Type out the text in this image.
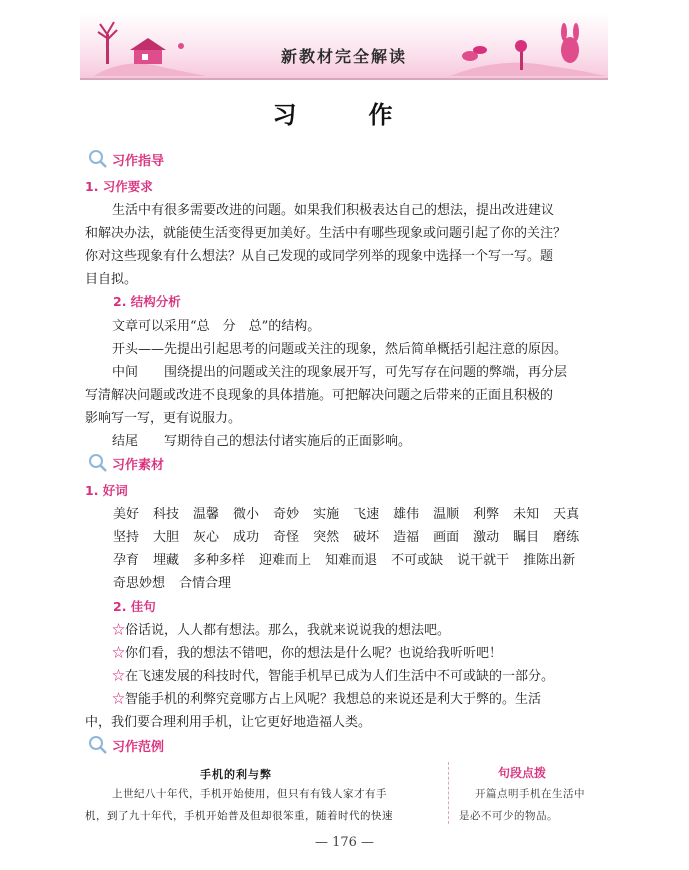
新教材完全解读
习　作
习作指导
1. 习作要求
生活中有很多需要改进的问题。如果我们积极表达自己的想法，提出改进建议
和解决办法，就能使生活变得更加美好。生活中有哪些现象或问题引起了你的关注？
你对这些现象有什么想法？从自己发现的或同学列举的现象中选择一个写一写。题
目自拟。
2. 结构分析
文章可以采用“总　分　总”的结构。
开头——先提出引起思考的问题或关注的现象，然后简单概括引起注意的原因。
中间　　围绕提出的问题或关注的现象展开写，可先写存在问题的弊端，再分层
写清解决问题或改进不良现象的具体措施。可把解决问题之后带来的正面且积极的
影响写一写，更有说服力。
结尾　　写期待自己的想法付诸实施后的正面影响。
习作素材
1. 好词
美好 科技 温馨 微小 奇妙 实施 飞速 雄伟 温顺 利弊 未知 天真
坚持 大胆 灰心 成功 奇怪 突然 破坏 造福 画面 激动 瞩目 磨练
孕育 埋藏 多种多样 迎难而上 知难而退 不可或缺 说干就干 推陈出新
奇思妙想 合情合理
2. 佳句
☆俗话说，人人都有想法。那么，我就来说说我的想法吧。
☆你们看，我的想法不错吧，你的想法是什么呢？也说给我听听吧！
☆在飞速发展的科技时代，智能手机早已成为人们生活中不可或缺的一部分。
☆智能手机的利弊究竟哪方占上风呢？我想总的来说还是利大于弊的。生活
中，我们要合理利用手机，让它更好地造福人类。
习作范例
手机的利与弊
上世纪八十年代，手机开始使用，但只有有钱人家才有手
机，到了九十年代，手机开始普及但却很笨重，随着时代的快速
句段点拨
开篇点明手机在生活中
是必不可少的物品。
— 176 —
